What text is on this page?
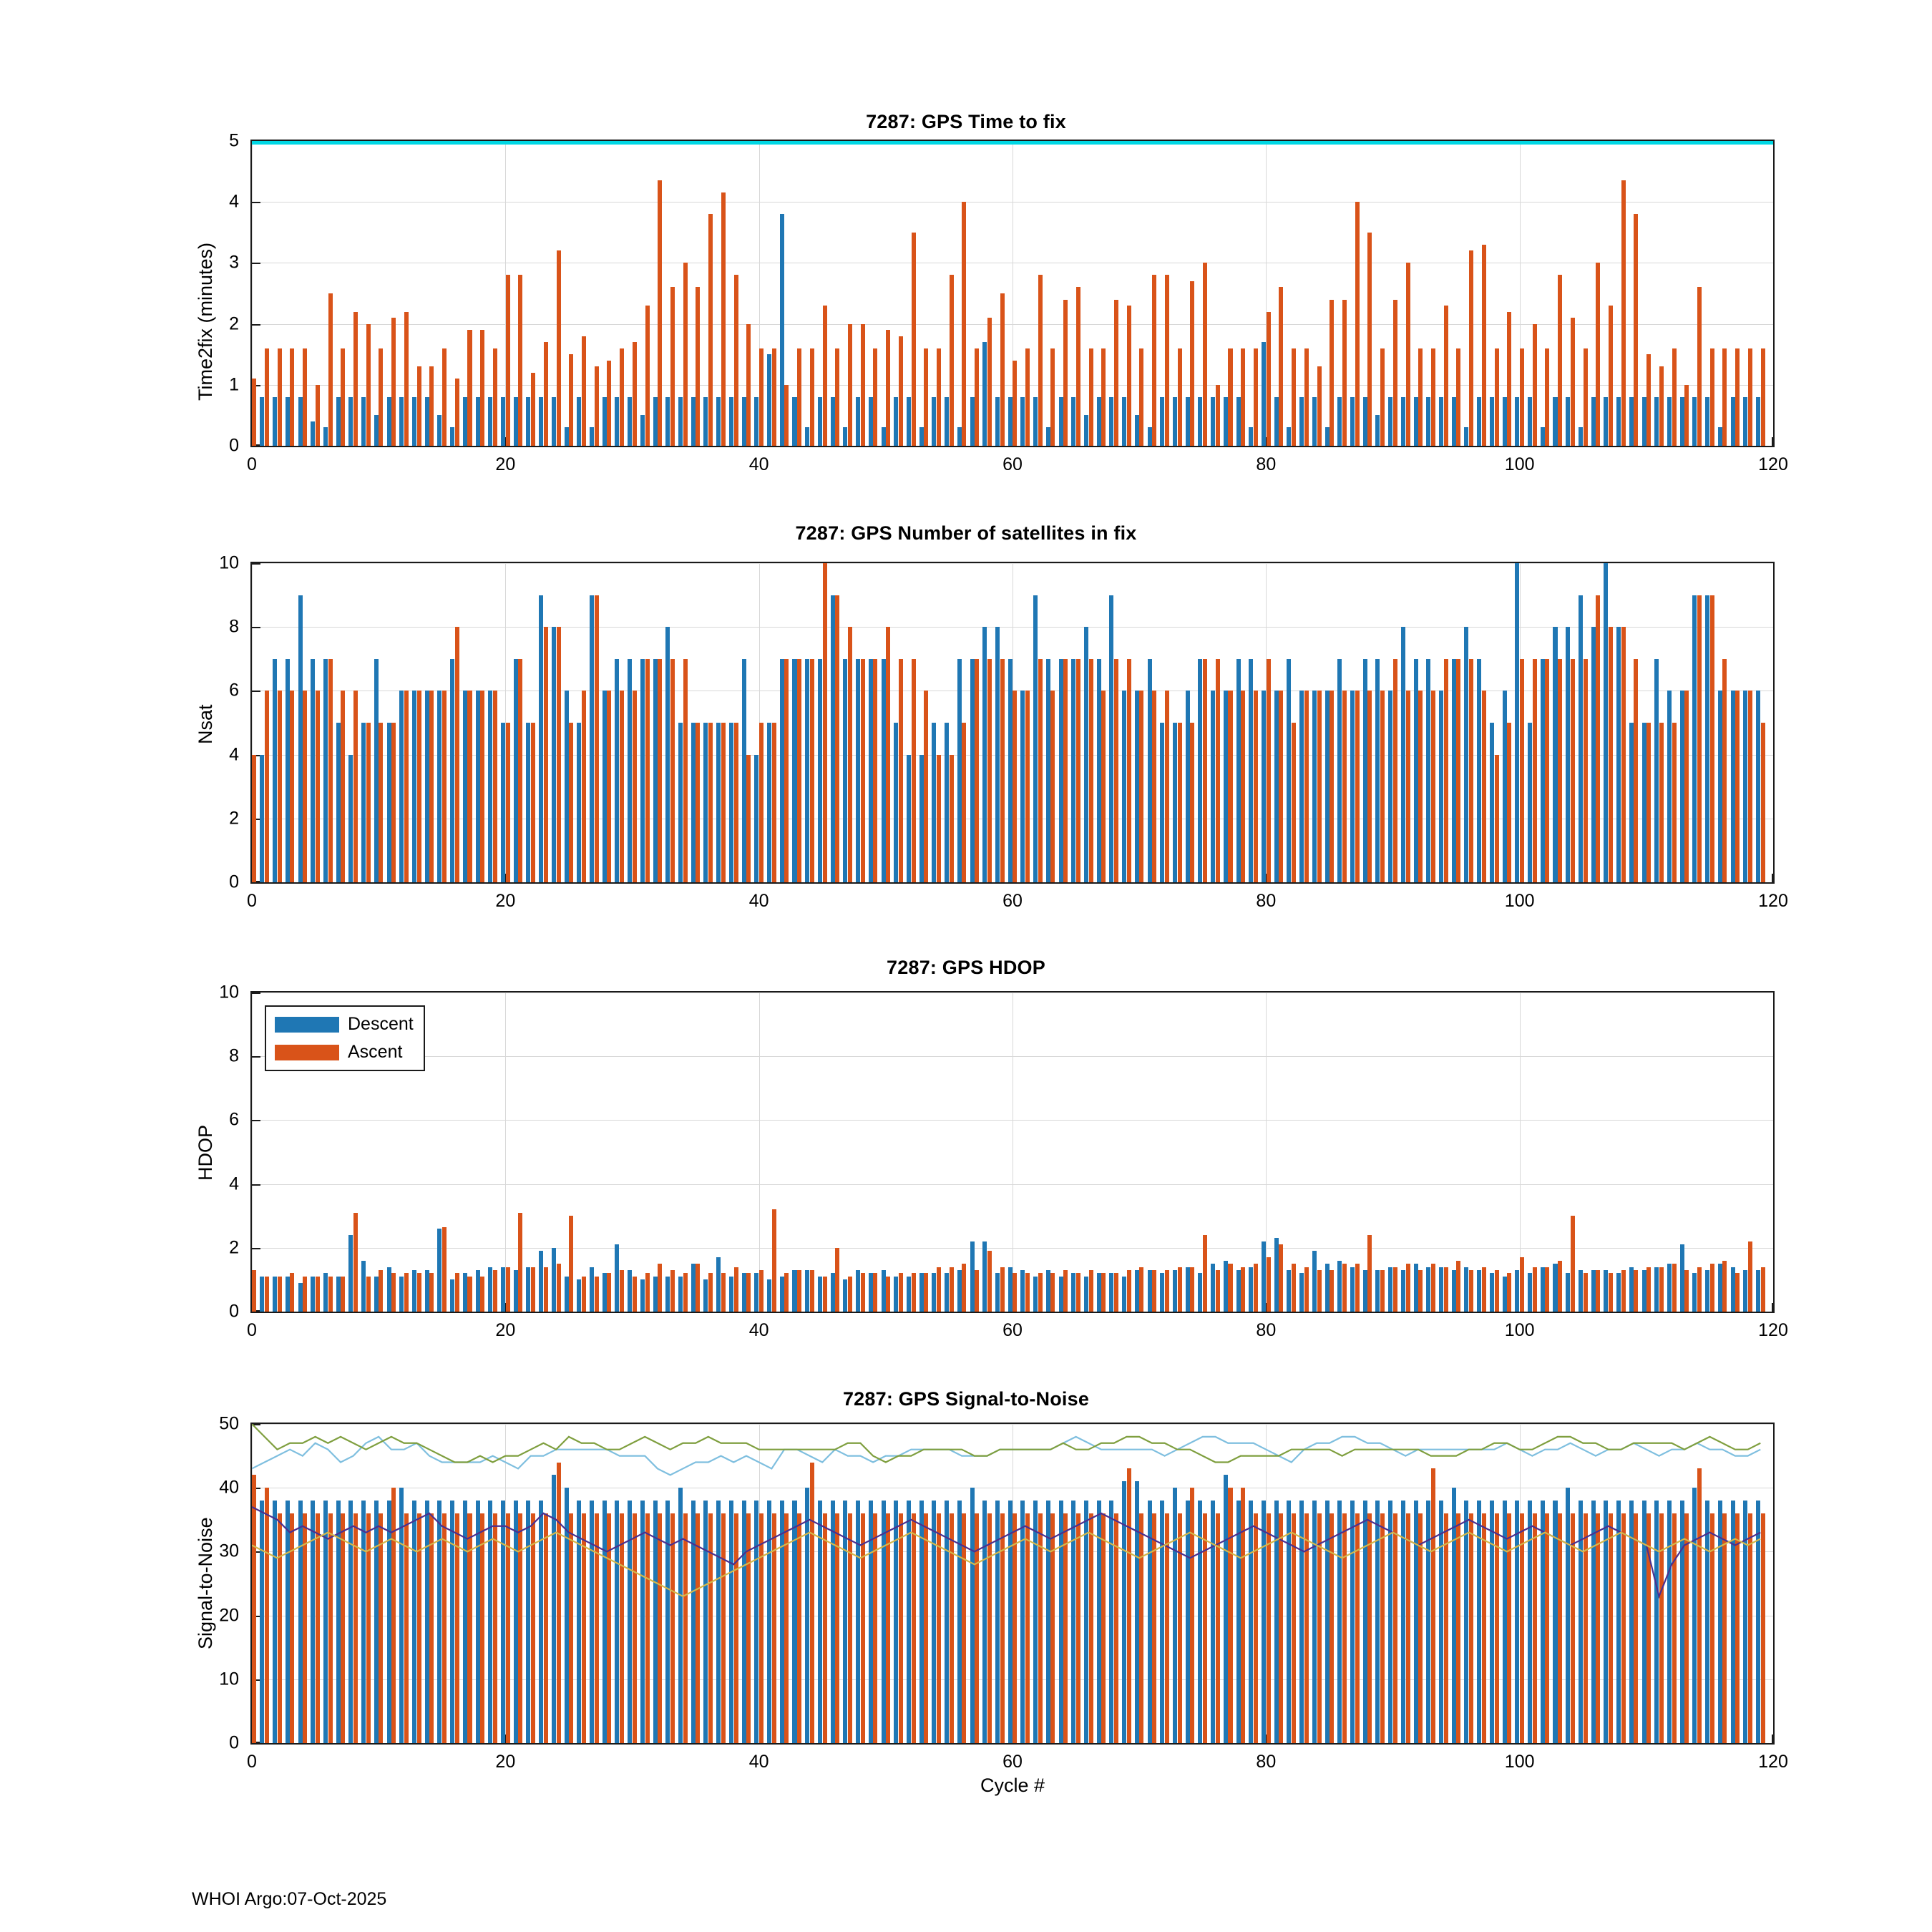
7287: GPS Time to fix
Time2fix (minutes)
7287: GPS Number of satellites in fix
Nsat
7287: GPS HDOP
HDOP
Descent
Ascent
7287: GPS Signal-to-Noise
Signal-to-Noise
Cycle #
WHOI Argo:07-Oct-2025
0	20	40	60	80	100	120
0
1
2
3
4
5
0	20	40	60	80	100	120
0
2
4
6
8
10
0	20	40	60	80	100	120
0
2
4
6
8
10
0	20	40	60	80	100	120
0
10
20
30
40
50
